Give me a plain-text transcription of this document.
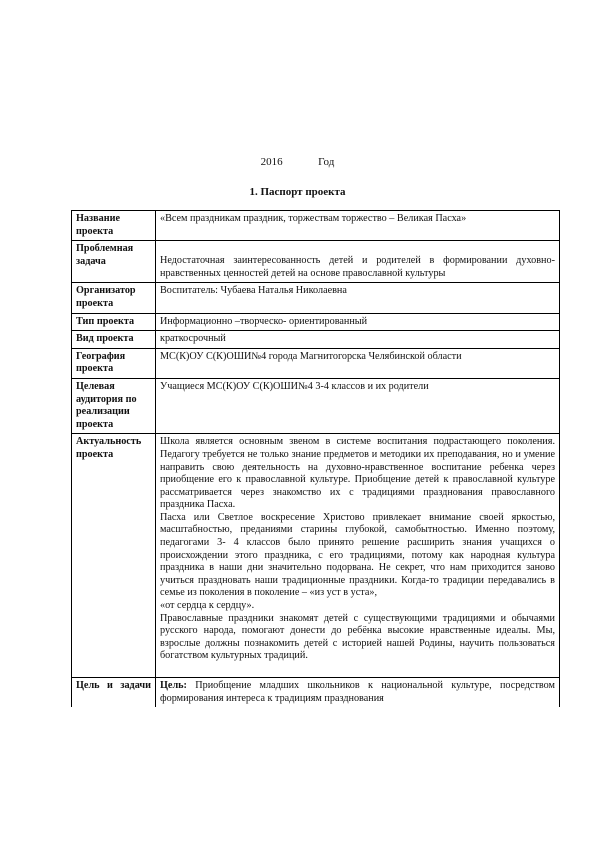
2016	Год
1. Паспорт проекта
Название проекта	«Всем праздникам праздник, торжествам торжество – Великая Пасха»
Проблемная задача	Недостаточная заинтересованность детей и родителей в формировании духовно-нравственных ценностей детей на основе православной культуры
Организатор проекта	Воспитатель: Чубаева Наталья Николаевна
Тип проекта	Информационно –творческо- ориентированный
Вид проекта	краткосрочный
География проекта	МС(К)ОУ С(К)ОШИ№4 города Магнитогорска Челябинской области
Целевая аудитория по реализации проекта	Учащиеся МС(К)ОУ С(К)ОШИ№4 3-4 классов и их родители
Актуальность проекта	Школа является основным звеном в системе воспитания подрастающего поколения. Педагогу требуется не только знание предметов и методики их преподавания, но и умение направить свою деятельность на духовно-нравственное воспитание ребенка через приобщение его к православной культуре. Приобщение детей к православной культуре рассматривается через знакомство их с традициями празднования православного праздника Пасха.

Пасха или Светлое воскресение Христово привлекает внимание своей яркостью, масштабностью, преданиями старины глубокой, самобытностью. Именно поэтому, педагогами 3- 4 классов было принято решение расширить знания учащихся о происхождении этого праздника, с его традициями, потому как народная культура праздника в наши дни значительно подорвана. Не секрет, что нам приходится заново учиться праздновать наши традиционные праздники. Когда-то традиции передавались в семье из поколения в поколение – «из уст в уста»,

«от сердца к сердцу».

Православные праздники знакомят детей с существующими традициями и обычаями русского народа, помогают донести до ребёнка высокие нравственные идеалы. Мы, взрослые должны познакомить детей с историей нашей Родины, научить пользоваться богатством культурных традиций.

Цель и задачи	Цель: Приобщение младших школьников к национальной культуре, посредством формирования интереса к традициям празднования
